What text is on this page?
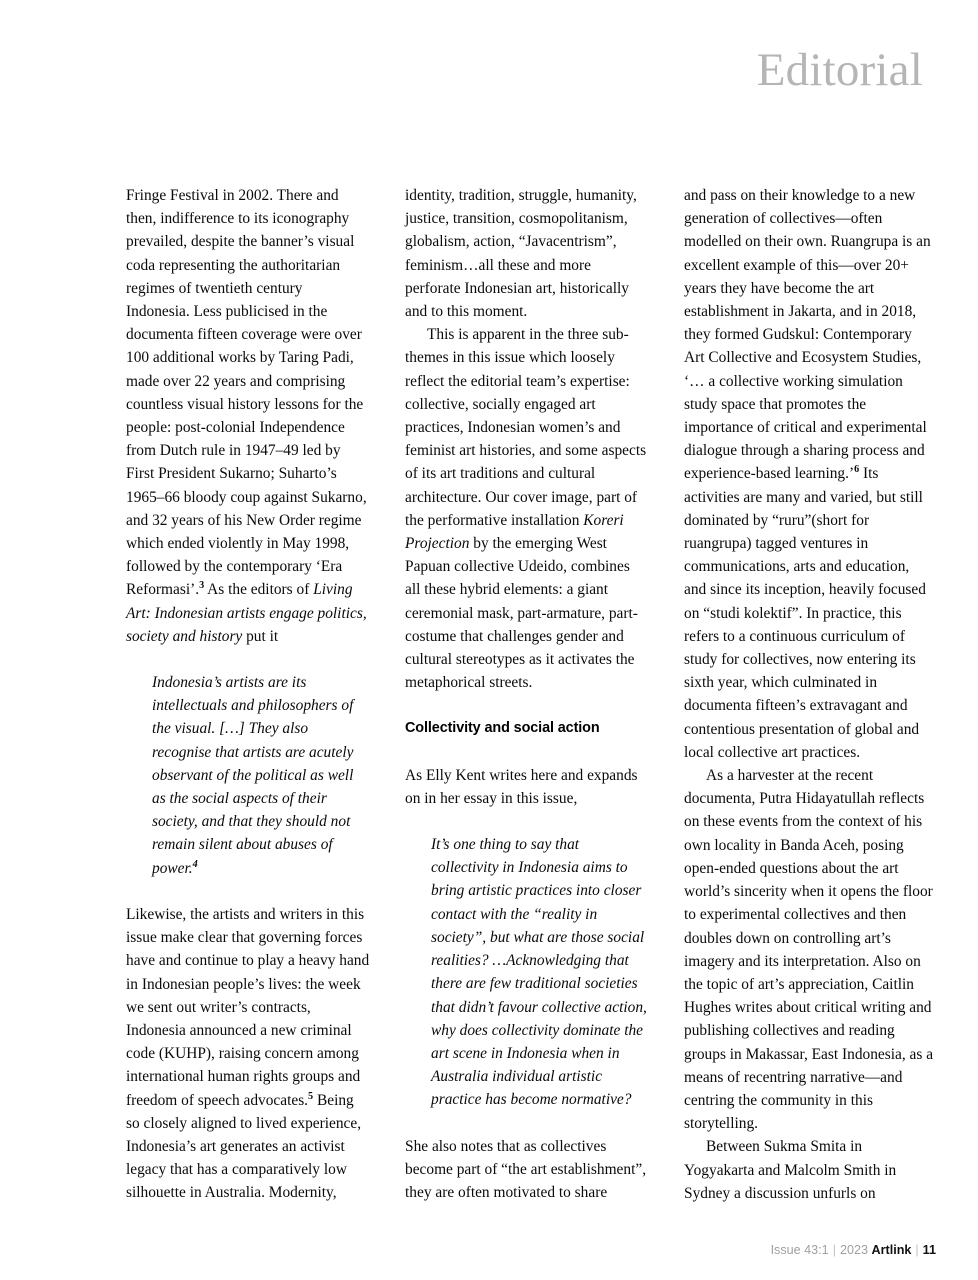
Editorial

Fringe Festival in 2002. There and then, indifference to its iconography prevailed, despite the banner’s visual coda representing the authoritarian regimes of twentieth century Indonesia. Less publicised in the documenta fifteen coverage were over 100 additional works by Taring Padi, made over 22 years and comprising countless visual history lessons for the people: post-colonial Independence from Dutch rule in 1947–49 led by First President Sukarno; Suharto’s 1965–66 bloody coup against Sukarno, and 32 years of his New Order regime which ended violently in May 1998, followed by the contemporary ‘Era Reformasi’.$^3$ As the editors of Living Art: Indonesian artists engage politics, society and history put it

Indonesia’s artists are its intellectuals and philosophers of the visual. […] They also recognise that artists are acutely observant of the political as well as the social aspects of their society, and that they should not remain silent about abuses of power.$^4$

Likewise, the artists and writers in this issue make clear that governing forces have and continue to play a heavy hand in Indonesian people’s lives: the week we sent out writer’s contracts, Indonesia announced a new criminal code (KUHP), raising concern among international human rights groups and freedom of speech advocates.$^5$ Being so closely aligned to lived experience, Indonesia’s art generates an activist legacy that has a comparatively low silhouette in Australia. Modernity,

identity, tradition, struggle, humanity, justice, transition, cosmopolitanism, globalism, action, “Javacentrism”, feminism…all these and more perforate Indonesian art, historically and to this moment.

This is apparent in the three sub-themes in this issue which loosely reflect the editorial team’s expertise: collective, socially engaged art practices, Indonesian women’s and feminist art histories, and some aspects of its art traditions and cultural architecture. Our cover image, part of the performative installation Koreri Projection by the emerging West Papuan collective Udeido, combines all these hybrid elements: a giant ceremonial mask, part-armature, part-costume that challenges gender and cultural stereotypes as it activates the metaphorical streets.

Collectivity and social action

As Elly Kent writes here and expands on in her essay in this issue,

It’s one thing to say that collectivity in Indonesia aims to bring artistic practices into closer contact with the “reality in society”, but what are those social realities? …Acknowledging that there are few traditional societies that didn’t favour collective action, why does collectivity dominate the art scene in Indonesia when in Australia individual artistic practice has become normative?

She also notes that as collectives become part of “the art establishment”, they are often motivated to share

and pass on their knowledge to a new generation of collectives—often modelled on their own. Ruangrupa is an excellent example of this—over 20+ years they have become the art establishment in Jakarta, and in 2018, they formed Gudskul: Contemporary Art Collective and Ecosystem Studies, ‘… a collective working simulation study space that promotes the importance of critical and experimental dialogue through a sharing process and experience-based learning.’$^6$ Its activities are many and varied, but still dominated by “ruru”(short for ruangrupa) tagged ventures in communications, arts and education, and since its inception, heavily focused on “studi kolektif”. In practice, this refers to a continuous curriculum of study for collectives, now entering its sixth year, which culminated in documenta fifteen’s extravagant and contentious presentation of global and local collective art practices.

As a harvester at the recent documenta, Putra Hidayatullah reflects on these events from the context of his own locality in Banda Aceh, posing open-ended questions about the art world’s sincerity when it opens the floor to experimental collectives and then doubles down on controlling art’s imagery and its interpretation. Also on the topic of art’s appreciation, Caitlin Hughes writes about critical writing and publishing collectives and reading groups in Makassar, East Indonesia, as a means of recentring narrative—and centring the community in this storytelling.

Between Sukma Smita in Yogyakarta and Malcolm Smith in Sydney a discussion unfurls on

Issue 43:1 | 2023 Artlink | 11
